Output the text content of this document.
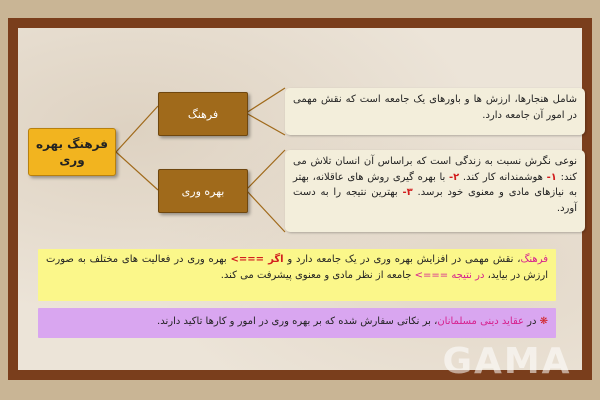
فرهنگ بهره وری
فرهنگ
بهره وری
شامل هنجارها، ارزش ها و باورهای یک جامعه است که نقش مهمی در امور آن جامعه دارد.
نوعی نگرش نسبت به زندگی است که براساس آن انسان تلاش می کند: ۱- هوشمندانه کار کند. ۲- با بهره گیری روش های عاقلانه، بهتر به نیازهای مادی و معنوی خود برسد. ۳- بهترین نتیجه را به دست آورد.
فرهنگ، نقش مهمی در افزایش بهره وری در یک جامعه دارد و اگر ===> بهره وری در فعالیت های مختلف به صورت ارزش در بیاید، در نتیجه ===> جامعه از نظر مادی و معنوی پیشرفت می کند.
❋ در عقاید دینی مسلمانان، بر نکاتی سفارش شده که بر بهره وری در امور و کارها تاکید دارند.
GAMA
